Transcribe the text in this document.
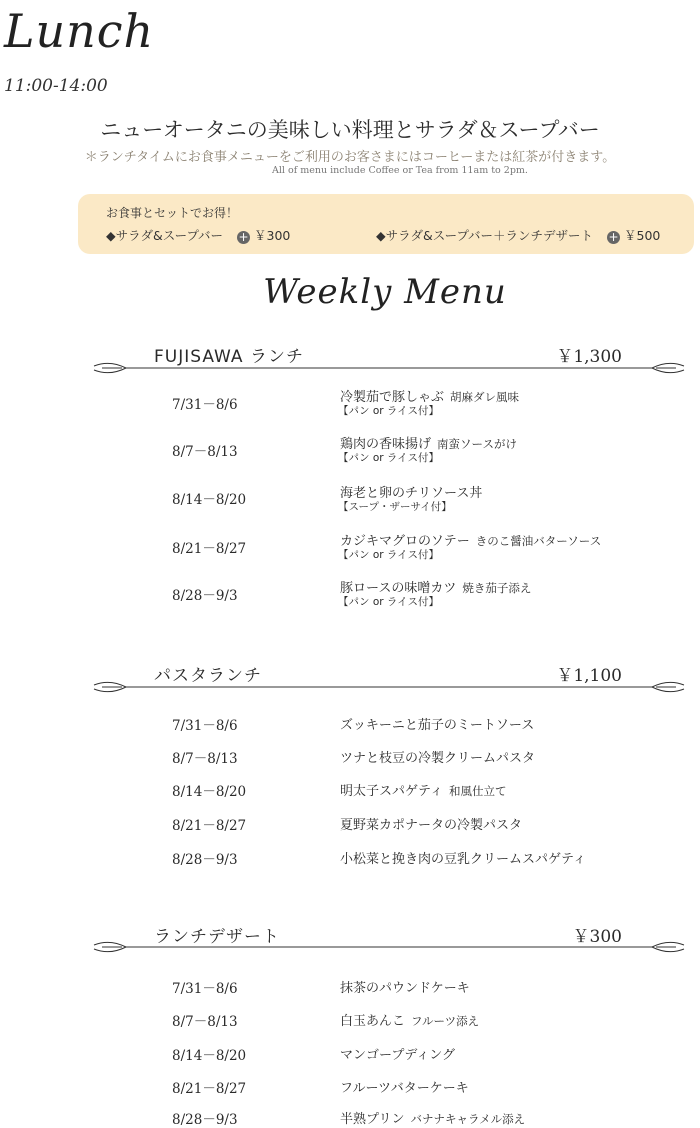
Lunch
11:00-14:00
ニューオータニの美味しい料理とサラダ＆スープバー
＊ランチタイムにお食事メニューをご利用のお客さまにはコーヒーまたは紅茶が付きます。
All of menu include Coffee or Tea from 11am to 2pm.
お食事とセットでお得！
◆サラダ&スープバー + ￥300	◆サラダ&スープバー＋ランチデザート + ￥500
Weekly Menu
FUJISAWA ランチ	￥1,300
7/31－8/6	冷製茄で豚しゃぶ 胡麻ダレ風味
【パン or ライス付】
8/7－8/13	鶏肉の香味揚げ 南蛮ソースがけ
【パン or ライス付】
8/14－8/20	海老と卵のチリソース丼
【スープ・ザーサイ付】
8/21－8/27	カジキマグロのソテー きのこ醤油バターソース
【パン or ライス付】
8/28－9/3	豚ロースの味噌カツ 焼き茄子添え
【パン or ライス付】
パスタランチ	￥1,100
7/31－8/6	ズッキーニと茄子のミートソース
8/7－8/13	ツナと枝豆の冷製クリームパスタ
8/14－8/20	明太子スパゲティ 和風仕立て
8/21－8/27	夏野菜カポナータの冷製パスタ
8/28－9/3	小松菜と挽き肉の豆乳クリームスパゲティ
ランチデザート	￥300
7/31－8/6	抹茶のパウンドケーキ
8/7－8/13	白玉あんこ フルーツ添え
8/14－8/20	マンゴープディング
8/21－8/27	フルーツバターケーキ
8/28－9/3	半熟プリン バナナキャラメル添え
